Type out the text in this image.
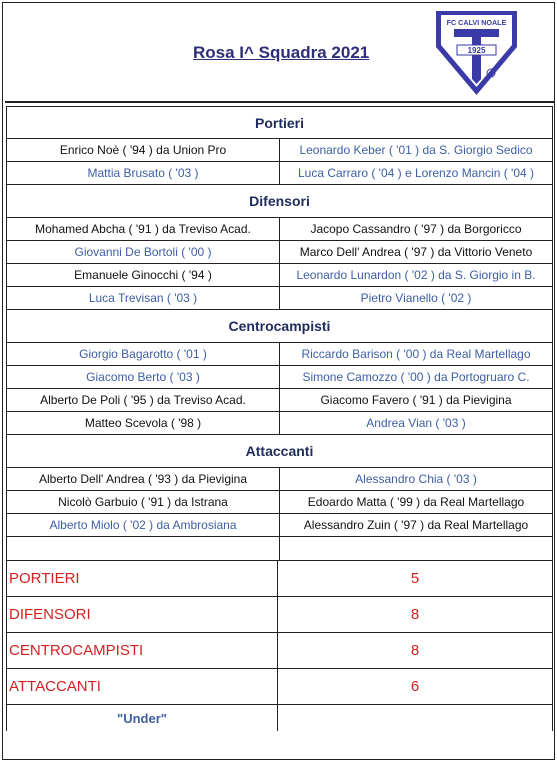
Rosa I^ Squadra 2021	1925
FC CALVI NOALE
Portieri
Enrico Noè ( '94 ) da Union Pro	Leonardo Keber ( '01 ) da S. Giorgio Sedico
Mattia Brusato ( '03 )	Luca Carraro ( '04 ) e Lorenzo Mancin ( '04 )
Difensori
Mohamed Abcha ( '91 ) da Treviso Acad.	Jacopo Cassandro ( '97 ) da Borgoricco
Giovanni De Bortoli ( '00 )	Marco Dell' Andrea ( '97 ) da Vittorio Veneto
Emanuele Ginocchi ( '94 )	Leonardo Lunardon ( '02 ) da S. Giorgio in B.
Luca Trevisan ( '03 )	Pietro Vianello ( '02 )
Centrocampisti
Giorgio Bagarotto ( '01 )	Riccardo Barison ( '00 ) da Real Martellago
Giacomo Berto ( '03 )	Simone Camozzo ( '00 ) da Portogruaro C.
Alberto De Poli ( '95 ) da Treviso Acad.	Giacomo Favero ( '91 ) da Pievigina
Matteo Scevola ( '98 )	Andrea Vian ( '03 )
Attaccanti
Alberto Dell' Andrea ( '93 ) da Pievigina	Alessandro Chia ( '03 )
Nicolò Garbuio ( '91 ) da Istrana	Edoardo Matta ( '99 ) da Real Martellago
Alberto Miolo ( '02 ) da Ambrosiana	Alessandro Zuin ( '97 ) da Real Martellago
PORTIERI	5
DIFENSORI	8
CENTROCAMPISTI	8
ATTACCANTI	6
"Under"
